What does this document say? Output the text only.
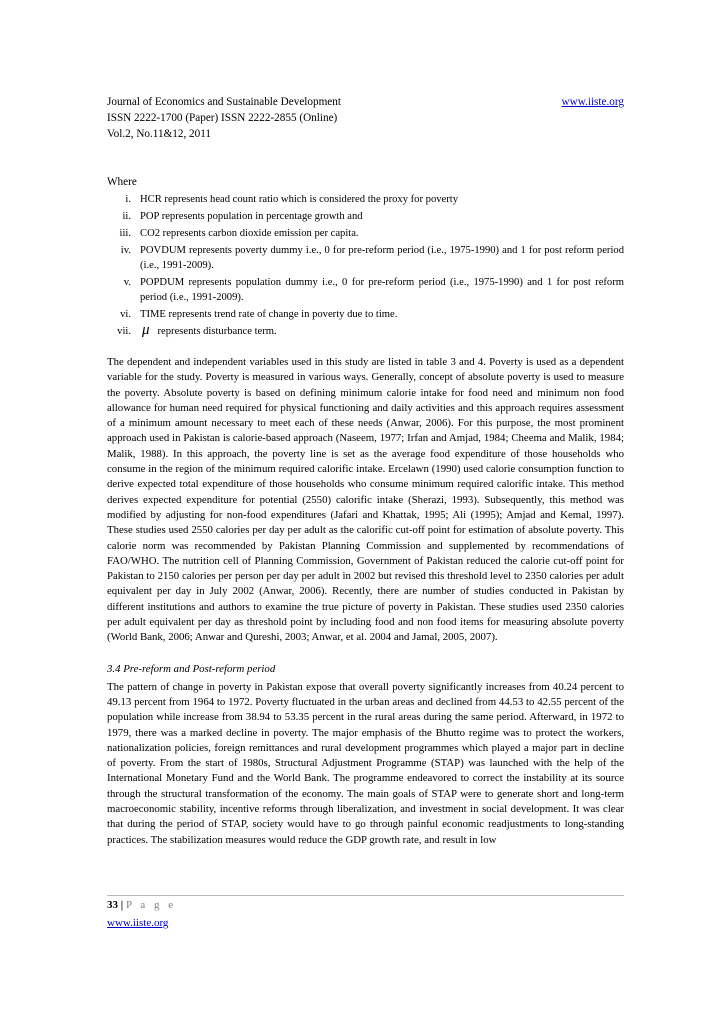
Journal of Economics and Sustainable Development	www.iiste.org
ISSN 2222-1700 (Paper) ISSN 2222-2855 (Online)
Vol.2, No.11&12, 2011
Where
i. HCR represents head count ratio which is considered the proxy for poverty
ii. POP represents population in percentage growth and
iii. CO2 represents carbon dioxide emission per capita.
iv. POVDUM represents poverty dummy i.e., 0 for pre-reform period (i.e., 1975-1990) and 1 for post reform period (i.e., 1991-2009).
v. POPDUM represents population dummy i.e., 0 for pre-reform period (i.e., 1975-1990) and 1 for post reform period (i.e., 1991-2009).
vi. TIME represents trend rate of change in poverty due to time.
vii. μ represents disturbance term.

The dependent and independent variables used in this study are listed in table 3 and 4. Poverty is used as a dependent variable for the study. Poverty is measured in various ways. Generally, concept of absolute poverty is used to measure the poverty. Absolute poverty is based on defining minimum calorie intake for food need and minimum non food allowance for human need required for physical functioning and daily activities and this approach requires assessment of a minimum amount necessary to meet each of these needs (Anwar, 2006). For this purpose, the most prominent approach used in Pakistan is calorie-based approach (Naseem, 1977; Irfan and Amjad, 1984; Cheema and Malik, 1984; Malik, 1988). In this approach, the poverty line is set as the average food expenditure of those households who consume in the region of the minimum required calorific intake. Ercelawn (1990) used calorie consumption function to derive expected total expenditure of those households who consume minimum required calorific intake. This method derives expected expenditure for potential (2550) calorific intake (Sherazi, 1993). Subsequently, this method was modified by adjusting for non-food expenditures (Jafari and Khattak, 1995; Ali (1995); Amjad and Kemal, 1997). These studies used 2550 calories per day per adult as the calorific cut-off point for estimation of absolute poverty. This calorie norm was recommended by Pakistan Planning Commission and supplemented by recommendations of FAO/WHO. The nutrition cell of Planning Commission, Government of Pakistan reduced the calorie cut-off point for Pakistan to 2150 calories per person per day per adult in 2002 but revised this threshold level to 2350 calories per adult equivalent per day in July 2002 (Anwar, 2006). Recently, there are number of studies conducted in Pakistan by different institutions and authors to examine the true picture of poverty in Pakistan. These studies used 2350 calories per adult equivalent per day as threshold point by including food and non food items for measuring absolute poverty (World Bank, 2006; Anwar and Qureshi, 2003; Anwar, et al. 2004 and Jamal, 2005, 2007).

3.4 Pre-reform and Post-reform period

The pattern of change in poverty in Pakistan expose that overall poverty significantly increases from 40.24 percent to 49.13 percent from 1964 to 1972. Poverty fluctuated in the urban areas and declined from 44.53 to 42.55 percent of the population while increase from 38.94 to 53.35 percent in the rural areas during the same period. Afterward, in 1972 to 1979, there was a marked decline in poverty. The major emphasis of the Bhutto regime was to protect the workers, nationalization policies, foreign remittances and rural development programmes which played a major part in decline of poverty. From the start of 1980s, Structural Adjustment Programme (STAP) was launched with the help of the International Monetary Fund and the World Bank. The programme endeavored to correct the instability at its source through the structural transformation of the economy. The main goals of STAP were to generate short and long-term macroeconomic stability, incentive reforms through liberalization, and investment in social development. It was clear that during the period of STAP, society would have to go through painful economic readjustments to long-standing practices. The stabilization measures would reduce the GDP growth rate, and result in low

33 | P a g e
www.iiste.org
